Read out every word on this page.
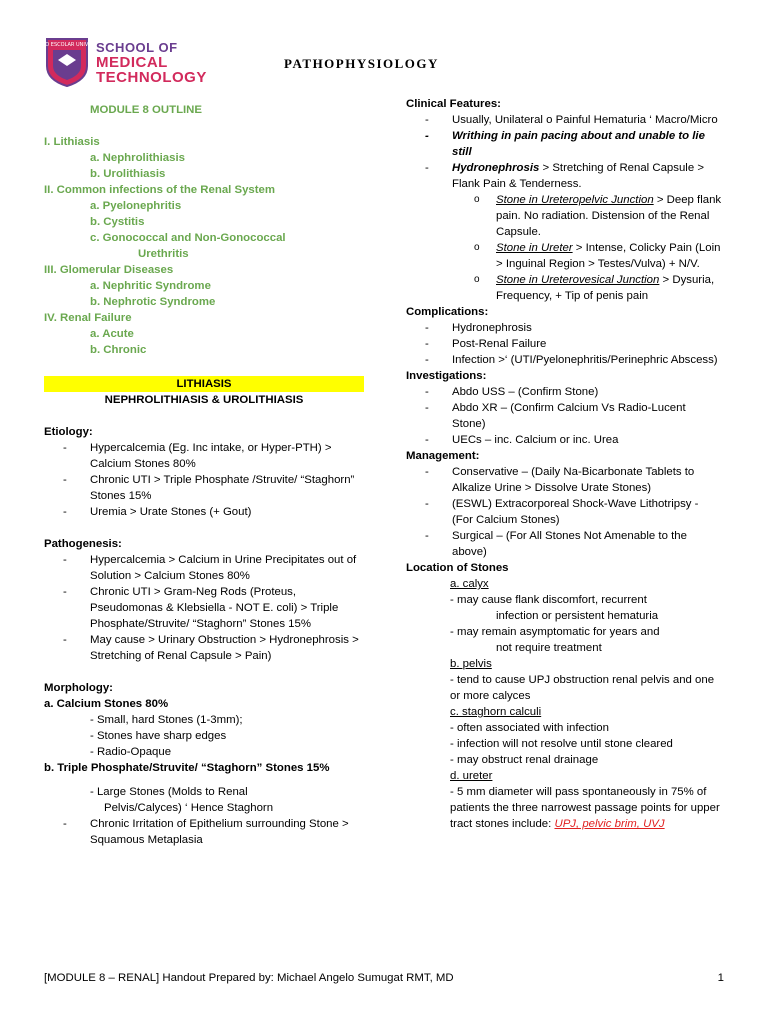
CENTRO ESCOLAR UNIVERSITY
SCHOOL OF
MEDICAL
TECHNOLOGY
PATHOPHYSIOLOGY
MODULE 8 OUTLINE
I. Lithiasis
a. Nephrolithiasis
b. Urolithiasis
II. Common infections of the Renal System
a. Pyelonephritis
b. Cystitis
c. Gonococcal and Non-Gonococcal
Urethritis
III. Glomerular Diseases
a. Nephritic Syndrome
b. Nephrotic Syndrome
IV. Renal Failure
a. Acute
b. Chronic
LITHIASIS
NEPHROLITHIASIS & UROLITHIASIS
Etiology:
- Hypercalcemia (Eg. Inc intake, or Hyper-PTH) > Calcium Stones 80%
- Chronic UTI > Triple Phosphate /Struvite/ “Staghorn” Stones 15%
- Uremia > Urate Stones (+ Gout)
Pathogenesis:
- Hypercalcemia > Calcium in Urine Precipitates out of Solution > Calcium Stones 80%
- Chronic UTI > Gram-Neg Rods (Proteus, Pseudomonas & Klebsiella - NOT E. coli) > Triple Phosphate/Struvite/ “Staghorn” Stones 15%
- May cause > Urinary Obstruction > Hydronephrosis > Stretching of Renal Capsule > Pain)
Morphology:
a. Calcium Stones 80%
- Small, hard Stones (1-3mm);
- Stones have sharp edges
- Radio-Opaque
b. Triple Phosphate/Struvite/ “Staghorn” Stones 15%
- Large Stones (Molds to Renal
Pelvis/Calyces) ‘ Hence Staghorn
- Chronic Irritation of Epithelium surrounding Stone > Squamous Metaplasia
Clinical Features:
- Usually, Unilateral o Painful Hematuria ‘ Macro/Micro
- Writhing in pain pacing about and unable to lie still
- Hydronephrosis > Stretching of Renal Capsule > Flank Pain & Tenderness.
o Stone in Ureteropelvic Junction > Deep flank pain. No radiation. Distension of the Renal Capsule.
o Stone in Ureter > Intense, Colicky Pain (Loin > Inguinal Region > Testes/Vulva) + N/V.
o Stone in Ureterovesical Junction > Dysuria, Frequency, + Tip of penis pain
Complications:
- Hydronephrosis
- Post-Renal Failure
- Infection >‘ (UTI/Pyelonephritis/Perinephric Abscess)
Investigations:
- Abdo USS – (Confirm Stone)
- Abdo XR – (Confirm Calcium Vs Radio-Lucent Stone)
- UECs – inc. Calcium or inc. Urea
Management:
- Conservative – (Daily Na-Bicarbonate Tablets to Alkalize Urine > Dissolve Urate Stones)
- (ESWL) Extracorporeal Shock-Wave Lithotripsy - (For Calcium Stones)
- Surgical – (For All Stones Not Amenable to the above)
Location of Stones
a. calyx
- may cause flank discomfort, recurrent
infection or persistent hematuria
- may remain asymptomatic for years and
not require treatment
b. pelvis
- tend to cause UPJ obstruction renal pelvis and one or more calyces
c. staghorn calculi
- often associated with infection
- infection will not resolve until stone cleared
- may obstruct renal drainage
d. ureter
- 5 mm diameter will pass spontaneously in 75% of patients the three narrowest passage points for upper tract stones include: UPJ, pelvic brim, UVJ
[MODULE 8 – RENAL] Handout Prepared by: Michael Angelo Sumugat RMT, MD	1
